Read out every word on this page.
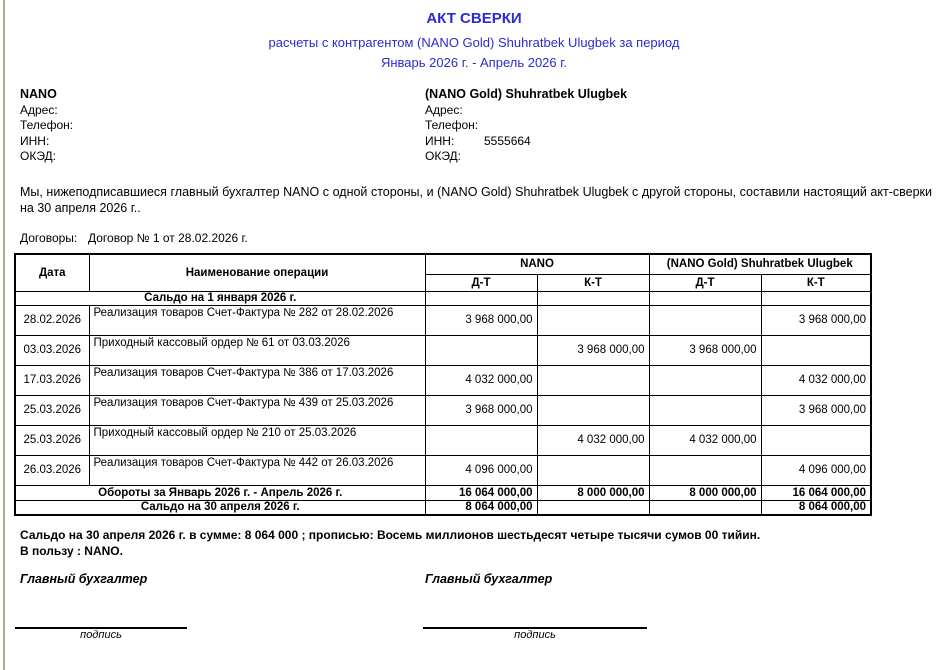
АКТ СВЕРКИ
расчеты с контрагентом (NANO Gold) Shuhratbek Ulugbek за период
Январь 2026 г. - Апрель 2026 г.
NANO
Адрес:
Телефон:
ИНН:
ОКЭД:
(NANO Gold) Shuhratbek Ulugbek
Адрес:
Телефон:
ИНН: 5555664
ОКЭД:

Мы, нижеподписавшиеся главный бухгалтер NANO с одной стороны, и (NANO Gold) Shuhratbek Ulugbek с другой стороны, составили настоящий акт-сверки на 30 апреля 2026 г..

Договоры: Договор № 1 от 28.02.2026 г.
Дата	Наименование операции	NANO		(NANO Gold) Shuhratbek Ulugbek	
		Д-Т	К-Т	Д-Т	К-Т
Сальдо на 1 января 2026 г.					
28.02.2026	Реализация товаров Счет-Фактура № 282 от 28.02.2026	3 968 000,00			3 968 000,00
03.03.2026	Приходный кассовый ордер № 61 от 03.03.2026		3 968 000,00	3 968 000,00	
17.03.2026	Реализация товаров Счет-Фактура № 386 от 17.03.2026	4 032 000,00			4 032 000,00
25.03.2026	Реализация товаров Счет-Фактура № 439 от 25.03.2026	3 968 000,00			3 968 000,00
25.03.2026	Приходный кассовый ордер № 210 от 25.03.2026		4 032 000,00	4 032 000,00	
26.03.2026	Реализация товаров Счет-Фактура № 442 от 26.03.2026	4 096 000,00			4 096 000,00
Обороты за Январь 2026 г. - Апрель 2026 г.		16 064 000,00	8 000 000,00	8 000 000,00	16 064 000,00
Сальдо на 30 апреля 2026 г.		8 064 000,00			8 064 000,00
Сальдо на 30 апреля 2026 г. в сумме: 8 064 000 ; прописью: Восемь миллионов шестьдесят четыре тысячи сумов 00 тийин.
В пользу : NANO.
Главный бухгалтер	Главный бухгалтер
подпись	подпись
